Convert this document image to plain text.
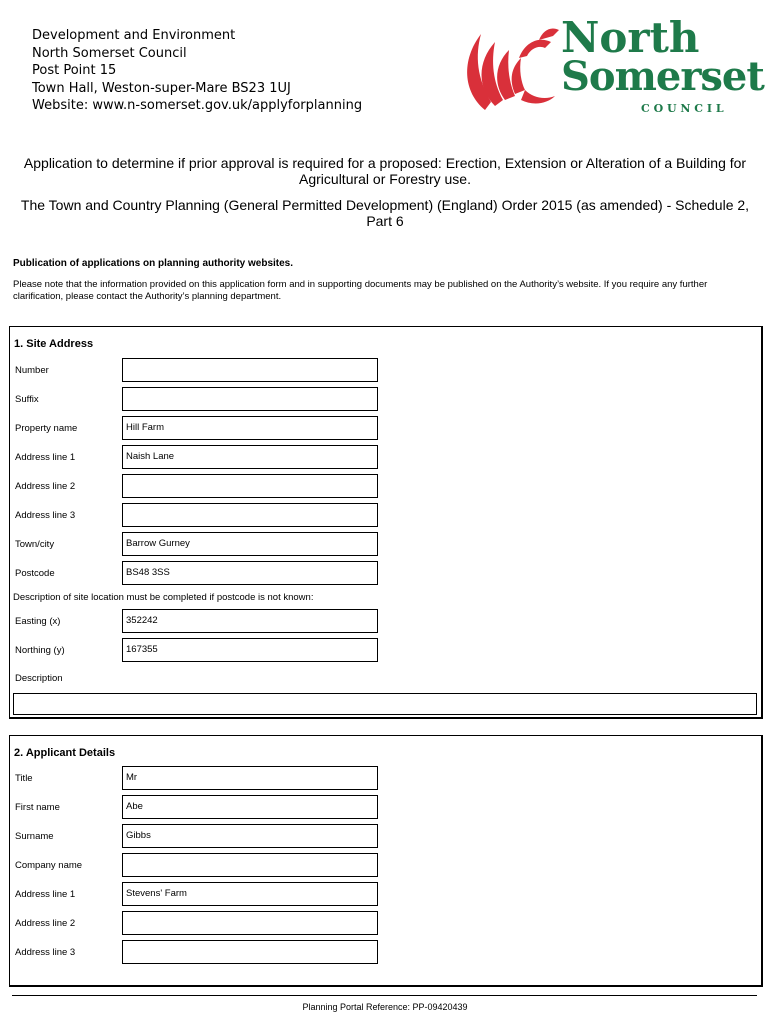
Development and Environment
North Somerset Council
Post Point 15
Town Hall, Weston-super-Mare BS23 1UJ
Website: www.n-somerset.gov.uk/applyforplanning
North
Somerset
C O U N C I L
Application to determine if prior approval is required for a proposed: Erection, Extension or Alteration of a Building for Agricultural or Forestry use.
The Town and Country Planning (General Permitted Development) (England) Order 2015 (as amended) - Schedule 2, Part 6
Publication of applications on planning authority websites.
Please note that the information provided on this application form and in supporting documents may be published on the Authority’s website. If you require any further clarification, please contact the Authority’s planning department.
1. Site Address
Number
Suffix
Property name	Hill Farm
Address line 1	Naish Lane
Address line 2
Address line 3
Town/city	Barrow Gurney
Postcode	BS48 3SS
Description of site location must be completed if postcode is not known:
Easting (x)	352242
Northing (y)	167355
Description
2. Applicant Details
Title	Mr
First name	Abe
Surname	Gibbs
Company name
Address line 1	Stevens' Farm
Address line 2
Address line 3
Planning Portal Reference: PP-09420439
